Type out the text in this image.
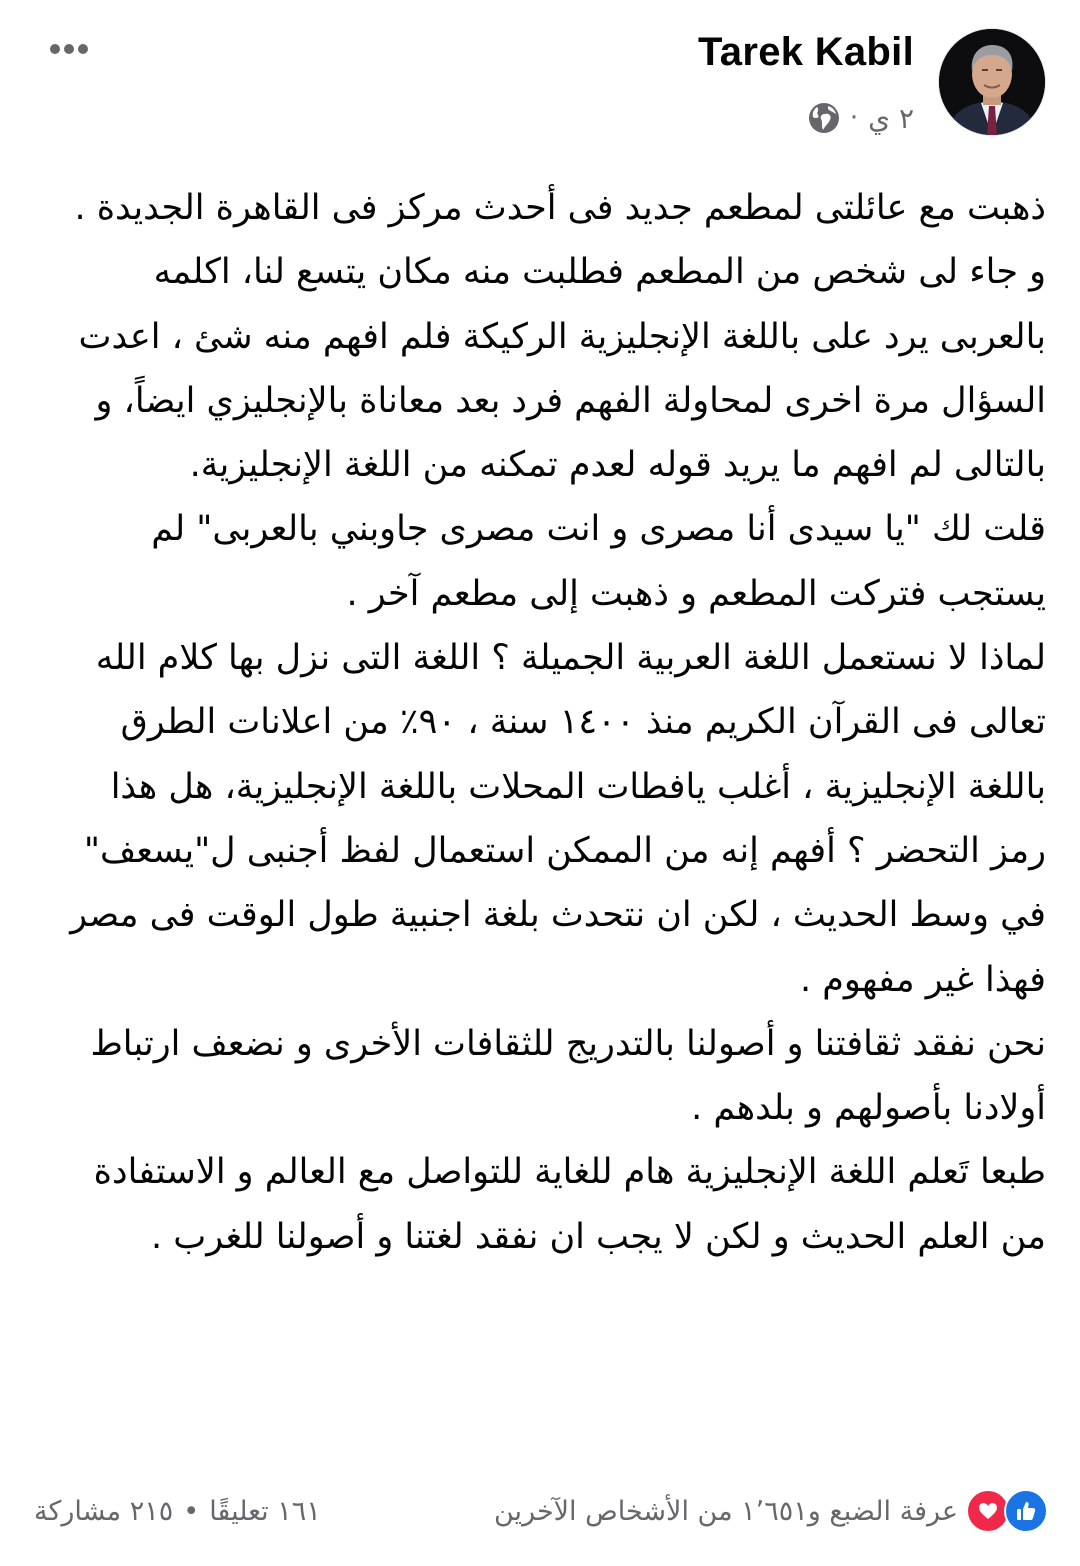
Tarek Kabil
· ٢ ي

ذهبت مع عائلتى لمطعم جديد فى أحدث مركز فى القاهرة الجديدة .

و جاء لى شخص من المطعم فطلبت منه مكان يتسع لنا، اكلمه بالعربى يرد على باللغة الإنجليزية الركيكة فلم افهم منه شئ ، اعدت السؤال مرة اخرى لمحاولة الفهم فرد بعد معاناة بالإنجليزي ايضاً، و بالتالى لم افهم ما يريد قوله لعدم تمكنه من اللغة الإنجليزية.

قلت لك "يا سيدى أنا مصرى و انت مصرى جاوبني بالعربى" لم يستجب فتركت المطعم و ذهبت إلى مطعم آخر .

لماذا لا نستعمل اللغة العربية الجميلة ؟ اللغة التى نزل بها كلام الله تعالى فى القرآن الكريم منذ ١٤٠٠ سنة ، ٩٠٪ من اعلانات الطرق باللغة الإنجليزية ، أغلب يافطات المحلات باللغة الإنجليزية، هل هذا رمز التحضر ؟ أفهم إنه من الممكن استعمال لفظ أجنبى ل"يسعف" في وسط الحديث ، لكن ان نتحدث بلغة اجنبية طول الوقت فى مصر فهذا غير مفهوم .

نحن نفقد ثقافتنا و أصولنا بالتدريج للثقافات الأخرى و نضعف ارتباط أولادنا بأصولهم و بلدهم .

طبعا تَعلم اللغة الإنجليزية هام للغاية للتواصل مع العالم و الاستفادة من العلم الحديث و لكن لا يجب ان نفقد لغتنا و أصولنا للغرب .

عرفة الضبع و١٬٦٥١ من الأشخاص الآخرين
١٦١ تعليقًا
•
٢١٥ مشاركة
